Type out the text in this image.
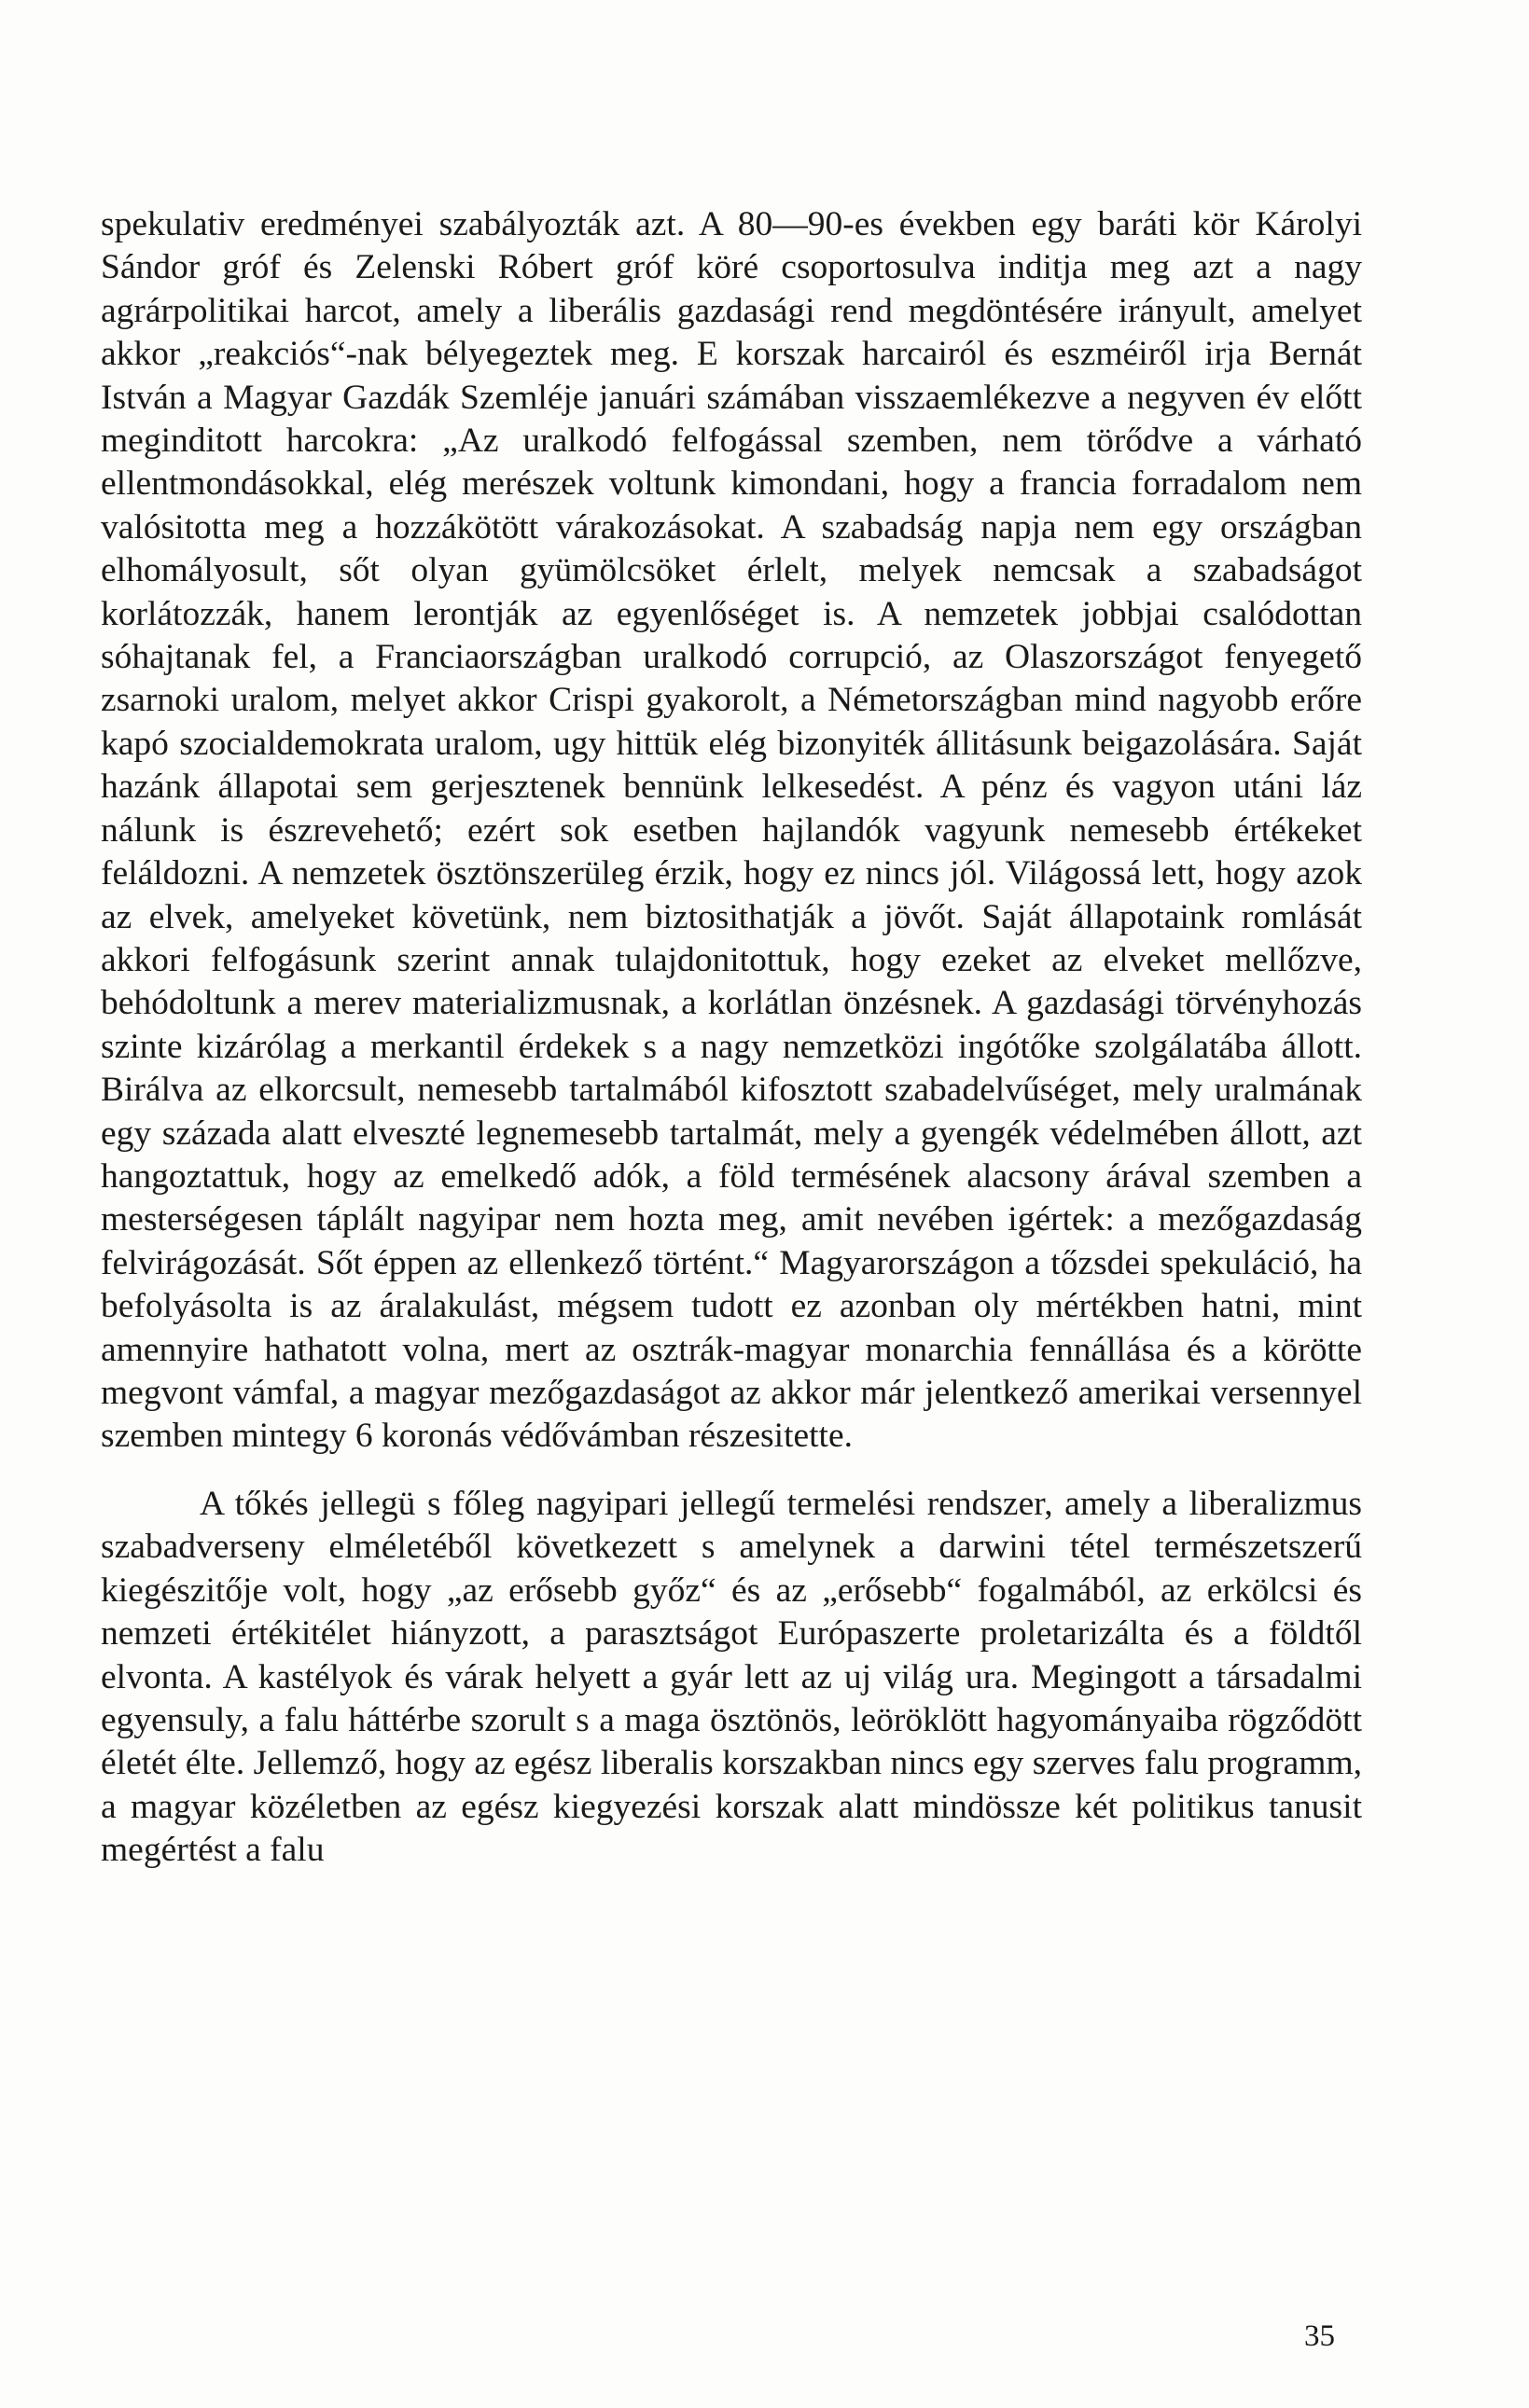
spekulativ eredményei szabályozták azt. A 80—90-es években egy baráti kör Károlyi Sándor gróf és Zelenski Róbert gróf köré csoportosulva inditja meg azt a nagy agrárpolitikai harcot, amely a liberális gazdasági rend megdöntésére irányult, amelyet akkor „reakciós“-nak bélyegeztek meg. E korszak harcairól és eszméiről irja Bernát István a Magyar Gazdák Szemléje januári számában visszaemlékezve a negyven év előtt meginditott harcokra: „Az uralkodó felfogással szemben, nem törődve a várható ellentmondásokkal, elég merészek voltunk kimondani, hogy a francia forradalom nem valósitotta meg a hozzákötött várakozásokat. A szabadság napja nem egy országban elhomályosult, sőt olyan gyümölcsöket érlelt, melyek nemcsak a szabadságot korlátozzák, hanem lerontják az egyenlőséget is. A nemzetek jobbjai csalódottan sóhajtanak fel, a Franciaországban uralkodó corrupció, az Olaszországot fenyegető zsarnoki uralom, melyet akkor Crispi gyakorolt, a Németországban mind nagyobb erőre kapó szocialdemokrata uralom, ugy hittük elég bizonyiték állitásunk beigazolására. Saját hazánk állapotai sem gerjesztenek bennünk lelkesedést. A pénz és vagyon utáni láz nálunk is észrevehető; ezért sok esetben hajlandók vagyunk nemesebb értékeket feláldozni. A nemzetek ösztönszerüleg érzik, hogy ez nincs jól. Világossá lett, hogy azok az elvek, amelyeket követünk, nem biztosithatják a jövőt. Saját állapotaink romlását akkori felfogásunk szerint annak tulajdonitottuk, hogy ezeket az elveket mellőzve, behódoltunk a merev materializmusnak, a korlátlan önzésnek. A gazdasági törvényhozás szinte kizárólag a merkantil érdekek s a nagy nemzetközi ingótőke szolgálatába állott. Birálva az elkorcsult, nemesebb tartalmából kifosztott szabadelvűséget, mely uralmának egy százada alatt elveszté legnemesebb tartalmát, mely a gyengék védelmében állott, azt hangoztattuk, hogy az emelkedő adók, a föld termésének alacsony árával szemben a mesterségesen táplált nagyipar nem hozta meg, amit nevében igértek: a mezőgazdaság felvirágozását. Sőt éppen az ellenkező történt.“ Magyarországon a tőzsdei spekuláció, ha befolyásolta is az áralakulást, mégsem tudott ez azonban oly mértékben hatni, mint amennyire hathatott volna, mert az osztrák-magyar monarchia fennállása és a körötte megvont vámfal, a magyar mezőgazdaságot az akkor már jelentkező amerikai versennyel szemben mintegy 6 koronás védővámban részesitette.

A tőkés jellegü s főleg nagyipari jellegű termelési rendszer, amely a liberalizmus szabadverseny elméletéből következett s amelynek a darwini tétel természetszerű kiegészitője volt, hogy „az erősebb győz“ és az „erősebb“ fogalmából, az erkölcsi és nemzeti értékitélet hiányzott, a parasztságot Európaszerte proletarizálta és a földtől elvonta. A kastélyok és várak helyett a gyár lett az uj világ ura. Megingott a társadalmi egyensuly, a falu háttérbe szorult s a maga ösztönös, leöröklött hagyományaiba rögződött életét élte. Jellemző, hogy az egész liberalis korszakban nincs egy szerves falu programm, a magyar közéletben az egész kiegyezési korszak alatt mindössze két politikus tanusit megértést a falu

35
